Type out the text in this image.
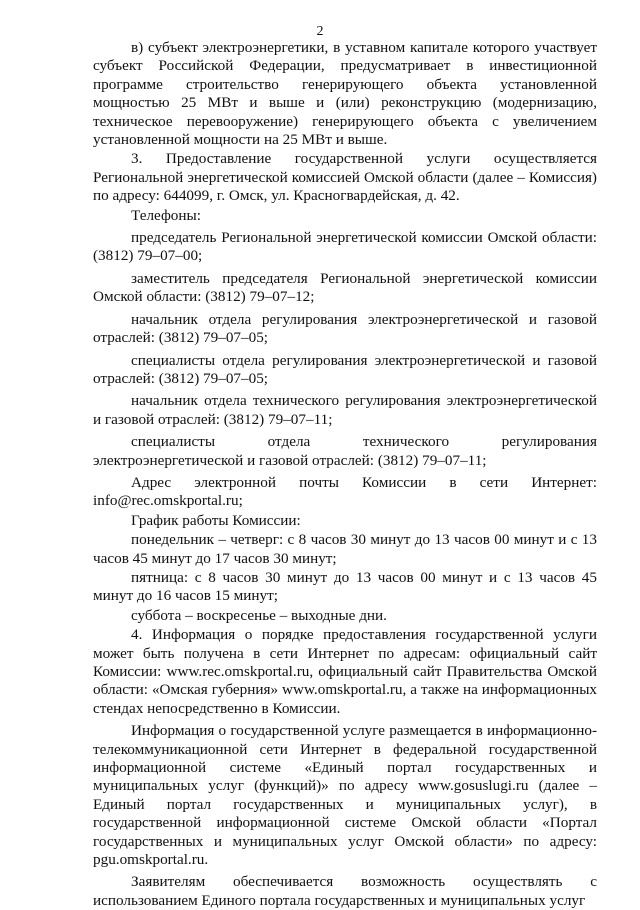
2

в) субъект электроэнергетики, в уставном капитале которого участвует субъект Российской Федерации, предусматривает в инвестиционной программе строительство генерирующего объекта установленной мощностью 25 МВт и выше и (или) реконструкцию (модернизацию, техническое перевооружение) генерирующего объекта с увеличением установленной мощности на 25 МВт и выше.

3. Предоставление государственной услуги осуществляется Региональной энергетической комиссией Омской области (далее – Комиссия) по адресу: 644099, г. Омск, ул. Красногвардейская, д. 42.

Телефоны:

председатель Региональной энергетической комиссии Омской области: (3812) 79–07–00;

заместитель председателя Региональной энергетической комиссии Омской области: (3812) 79–07–12;

начальник отдела регулирования электроэнергетической и газовой отраслей: (3812) 79–07–05;

специалисты отдела регулирования электроэнергетической и газовой отраслей: (3812) 79–07–05;

начальник отдела технического регулирования электроэнергетической и газовой отраслей: (3812) 79–07–11;

специалисты отдела технического регулирования электроэнергетической и газовой отраслей: (3812) 79–07–11;

Адрес электронной почты Комиссии в сети Интернет: info@rec.omskportal.ru;

График работы Комиссии:

понедельник – четверг: с 8 часов 30 минут до 13 часов 00 минут и с 13 часов 45 минут до 17 часов 30 минут;

пятница: с 8 часов 30 минут до 13 часов 00 минут и с 13 часов 45 минут до 16 часов 15 минут;

суббота – воскресенье – выходные дни.

4. Информация о порядке предоставления государственной услуги может быть получена в сети Интернет по адресам: официальный сайт Комиссии: www.rec.omskportal.ru, официальный сайт Правительства Омской области: «Омская губерния» www.omskportal.ru, а также на информационных стендах непосредственно в Комиссии.

Информация о государственной услуге размещается в информационно-телекоммуникационной сети Интернет в федеральной государственной информационной системе «Единый портал государственных и муниципальных услуг (функций)» по адресу www.gosuslugi.ru (далее – Единый портал государственных и муниципальных услуг), в государственной информационной системе Омской области «Портал государственных и муниципальных услуг Омской области» по адресу: pgu.omskportal.ru.

Заявителям обеспечивается возможность осуществлять с использованием Единого портала государственных и муниципальных услуг
